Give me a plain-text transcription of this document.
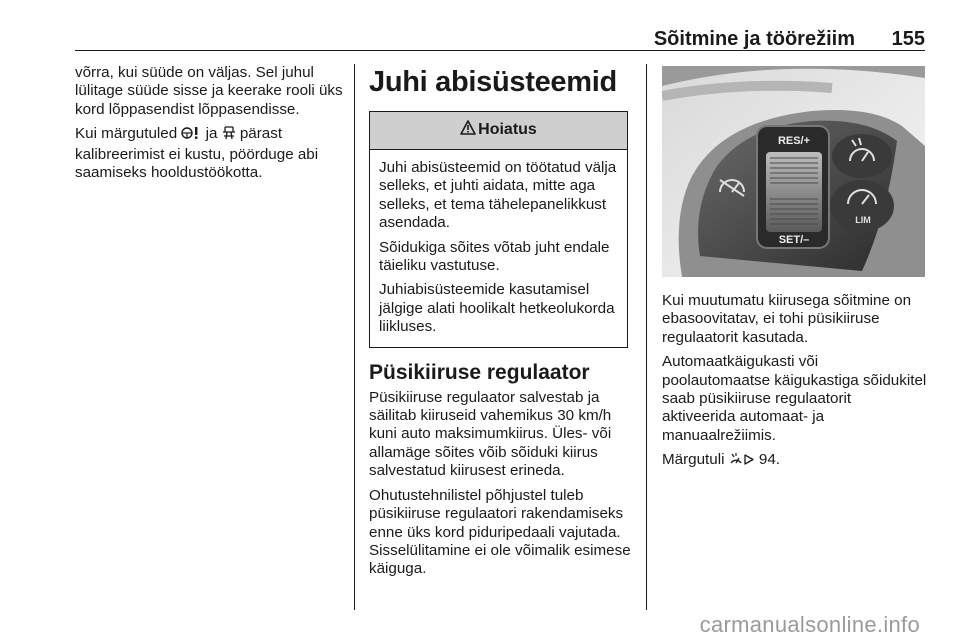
Sõitmine ja töörežiim 155

võrra, kui süüde on väljas. Sel juhul lülitage süüde sisse ja keerake rooli üks kord lõppasendist lõppasendisse.

Kui märgutuled  ja  pärast kalibreerimist ei kustu, pöörduge abi saamiseks hooldustöökotta.

Juhi abisüsteemid
Hoiatus

Juhi abisüsteemid on töötatud välja selleks, et juhti aidata, mitte aga selleks, et tema tähelepanelikkust asendada.

Sõidukiga sõites võtab juht endale täieliku vastutuse.

Juhiabisüsteemide kasutamisel jälgige alati hoolikalt hetkeolukorda liikluses.

Püsikiiruse regulaator

Püsikiiruse regulaator salvestab ja säilitab kiiruseid vahemikus 30 km/h kuni auto maksimumkiirus. Üles- või allamäge sõites võib sõiduki kiirus salvestatud kiirusest erineda.

Ohutustehnilistel põhjustel tuleb püsikiiruse regulaatori rakendamiseks enne üks kord piduripedaali vajutada.

Sisselülitamine ei ole võimalik esimese käiguga.

RES/+
SET/–
LIM

Kui muutumatu kiirusega sõitmine on ebasoovitatav, ei tohi püsikiiruse regulaatorit kasutada.

Automaatkäigukasti või poolautomaatse käigukastiga sõidukitel saab püsikiiruse regulaatorit aktiveerida automaat- ja manuaalrežiimis.

Märgutuli  94.

carmanualsonline.info
